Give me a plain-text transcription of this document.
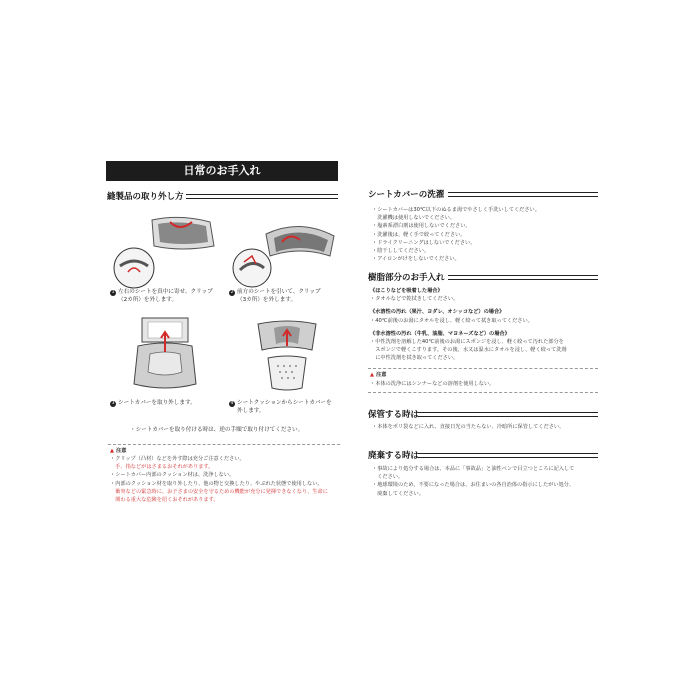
日常のお手入れ
縫製品の取り外し方
1 左右のシートを真中に寄せ、クリップ
（2カ所）を外します。
2 前方のシートを引いて、クリップ
（3カ所）を外します。
3 シートカバーを取り外します。	4 シートクッションからシートカバーを
外します。
・シートカバーを取り付ける時は、逆の手順で取り付けてください。
▲ 注意
・クリップ（凸材）などを外す際は充分ご注意ください。
　手、指などがはさまるおそれがあります。
・シートカバー内部のクッション材は、洗浄しない。
・内部のクッション材を取り外したり、他の物と交換したり、やぶれた状態で使用しない。
　衝突などの緊急時に、お子さまの安全を守るための機能が充分に発揮できなくなり、生命に
　関わる重大な危険を招くおそれがあります。
シートカバーの洗濯
・シートカバーは30℃以下のぬるま湯でやさしく手洗いしてください。
　洗濯機は使用しないでください。
・塩素系漂白剤は使用しないでください。
・洗濯後は、軽く手で絞ってください。
・ドライクリーニングはしないでください。
・陰干ししてください。
・アイロンがけをしないでください。
樹脂部分のお手入れ
《ほこりなどを吸着した場合》
・タオルなどで乾拭きしてください。
《水溶性の汚れ（果汁、ヨダレ、オシッコなど）の場合》
・40℃前後のお湯にタオルを浸し、軽く絞って拭き取ってください。
《非水溶性の汚れ（牛乳、油脂、マヨネーズなど）の場合》
・中性洗剤を溶解した40℃前後のお湯にスポンジを浸し、軽く絞って汚れた部分を
　スポンジで軽くこすります。その後、水又は温水にタオルを浸し、軽く絞って洗剤
　に中性洗剤を拭き取ってください。
▲ 注意
・本体の洗浄にはシンナーなどの溶剤を使用しない。
保管する時は
・本体をポリ袋などに入れ、直接日光の当たらない、冷暗所に保管してください。
廃棄する時は
・事故により処分する場合は、本品に「事故品」と油性ペンで目立つところに記入して
　ください。
・地球環境のため、不要になった場合は、お住まいの各自治体の指示にしたがい処分、
　廃棄してください。
